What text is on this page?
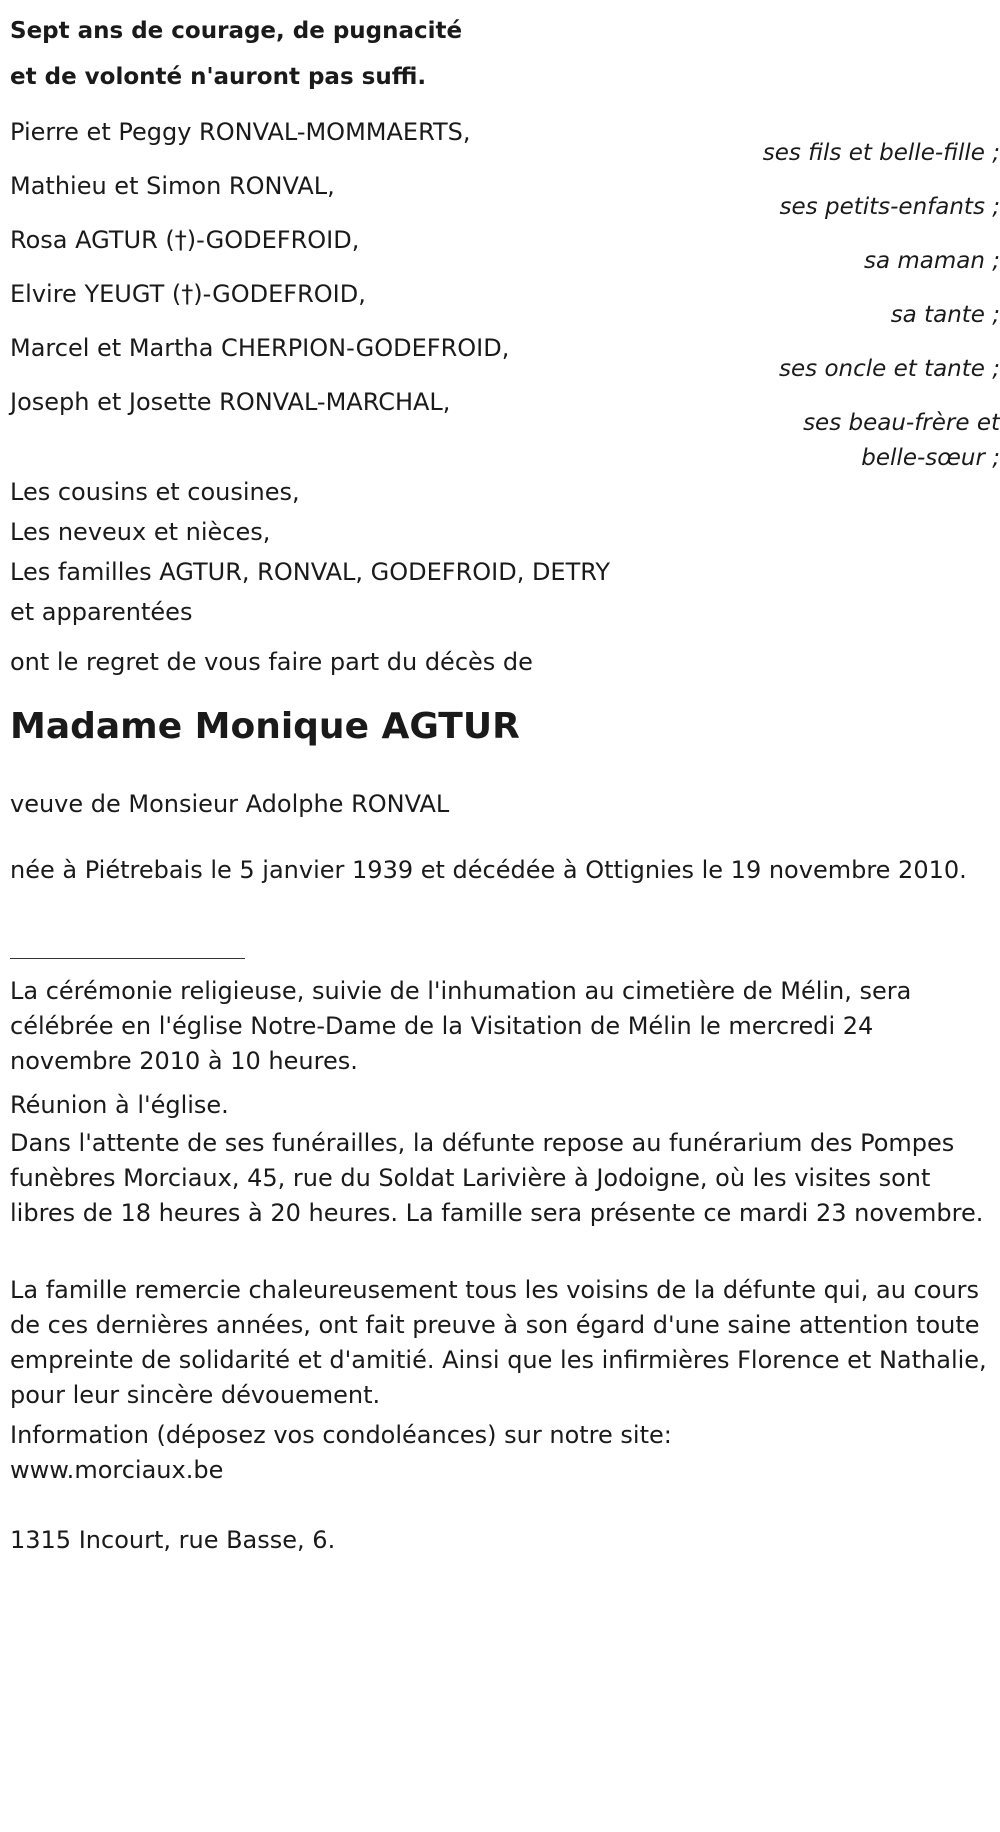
Sept ans de courage, de pugnacité
et de volonté n'auront pas suffi.
Pierre et Peggy RONVAL-MOMMAERTS,
ses fils et belle-fille ;
Mathieu et Simon RONVAL,
ses petits-enfants ;
Rosa AGTUR (†)-GODEFROID,
sa maman ;
Elvire YEUGT (†)-GODEFROID,
sa tante ;
Marcel et Martha CHERPION-GODEFROID,
ses oncle et tante ;
Joseph et Josette RONVAL-MARCHAL,
ses beau-frère et
belle-sœur ;
Les cousins et cousines,
Les neveux et nièces,
Les familles AGTUR, RONVAL, GODEFROID, DETRY
et apparentées
ont le regret de vous faire part du décès de
Madame Monique AGTUR
veuve de Monsieur Adolphe RONVAL
née à Piétrebais le 5 janvier 1939 et décédée à Ottignies le 19 novembre 2010.
La cérémonie religieuse, suivie de l'inhumation au cimetière de Mélin, sera célébrée en l'église Notre-Dame de la Visitation de Mélin le mercredi 24 novembre 2010 à 10 heures.
Réunion à l'église.
Dans l'attente de ses funérailles, la défunte repose au funérarium des Pompes funèbres Morciaux, 45, rue du Soldat Larivière à Jodoigne, où les visites sont libres de 18 heures à 20 heures. La famille sera présente ce mardi 23 novembre.
La famille remercie chaleureusement tous les voisins de la défunte qui, au cours de ces dernières années, ont fait preuve à son égard d'une saine attention toute empreinte de solidarité et d'amitié. Ainsi que les infirmières Florence et Nathalie, pour leur sincère dévouement.
Information (déposez vos condoléances) sur notre site:
www.morciaux.be
1315 Incourt, rue Basse, 6.
